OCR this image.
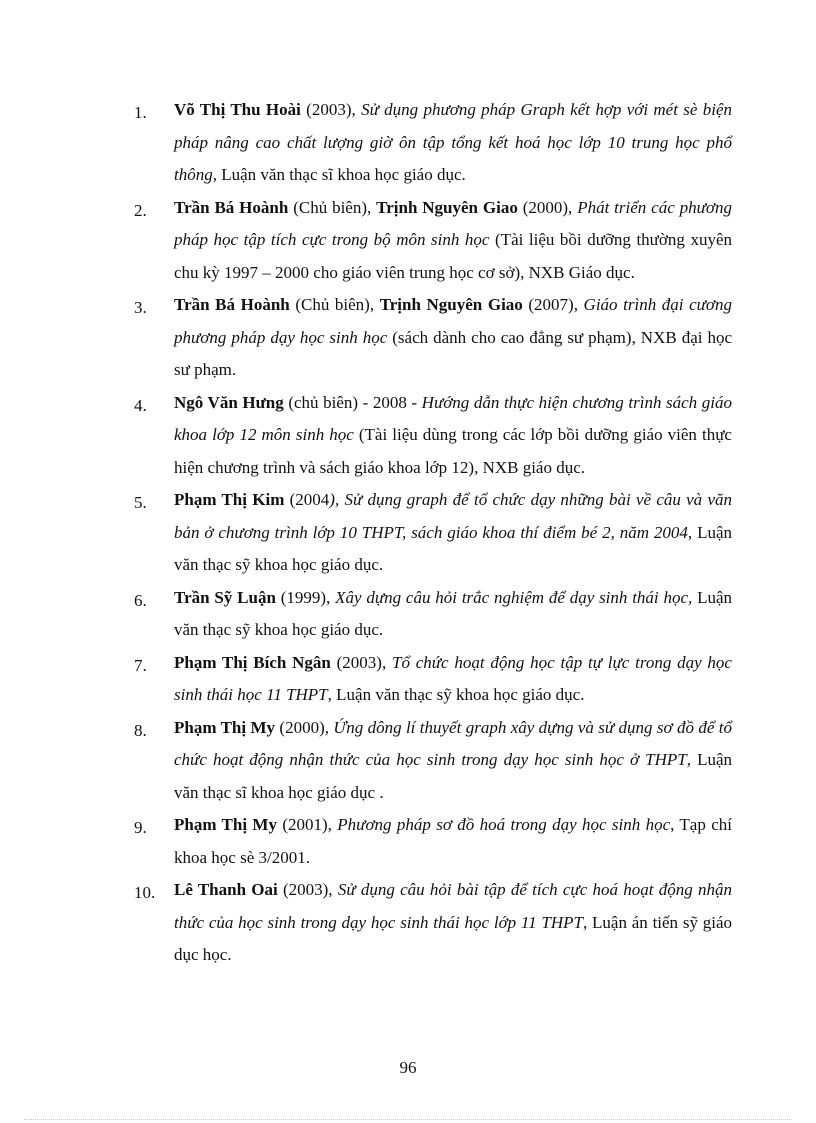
1. Võ Thị Thu Hoài (2003), Sử dụng phương pháp Graph kết hợp với mét sè biện pháp nâng cao chất lượng giờ ôn tập tổng kết hoá học lớp 10 trung học phổ thông, Luận văn thạc sĩ khoa học giáo dục.
2. Trần Bá Hoành (Chủ biên), Trịnh Nguyên Giao (2000), Phát triển các phương pháp học tập tích cực trong bộ môn sinh học (Tài liệu bồi dưỡng thường xuyên chu kỳ 1997 – 2000 cho giáo viên trung học cơ sở), NXB Giáo dục.
3. Trần Bá Hoành (Chủ biên), Trịnh Nguyên Giao (2007), Giáo trình đại cương phương pháp dạy học sinh học (sách dành cho cao đẳng sư phạm), NXB đại học sư phạm.
4. Ngô Văn Hưng (chủ biên) - 2008 - Hướng dẫn thực hiện chương trình sách giáo khoa lớp 12 môn sinh học (Tài liệu dùng trong các lớp bồi dưỡng giáo viên thực hiện chương trình và sách giáo khoa lớp 12), NXB giáo dục.
5. Phạm Thị Kim (2004), Sử dụng graph để tổ chức dạy những bài về câu và văn bản ở chương trình lớp 10 THPT, sách giáo khoa thí điểm bé 2, năm 2004, Luận văn thạc sỹ khoa học giáo dục.
6. Trần Sỹ Luận (1999), Xây dựng câu hỏi trắc nghiệm để dạy sinh thái học, Luận văn thạc sỹ khoa học giáo dục.
7. Phạm Thị Bích Ngân (2003), Tổ chức hoạt động học tập tự lực trong dạy học sinh thái học 11 THPT, Luận văn thạc sỹ khoa học giáo dục.
8. Phạm Thị My (2000), Ứng dông lí thuyết graph xây dựng và sử dụng sơ đồ để tổ chức hoạt động nhận thức của học sinh trong dạy học sinh học ở THPT, Luận văn thạc sĩ khoa học giáo dục .
9. Phạm Thị My (2001), Phương pháp sơ đồ hoá trong dạy học sinh học, Tạp chí khoa học sè 3/2001.
10. Lê Thanh Oai (2003), Sử dụng câu hỏi bài tập để tích cực hoá hoạt động nhận thức của học sinh trong dạy học sinh thái học lớp 11 THPT, Luận án tiến sỹ giáo dục học.
96
